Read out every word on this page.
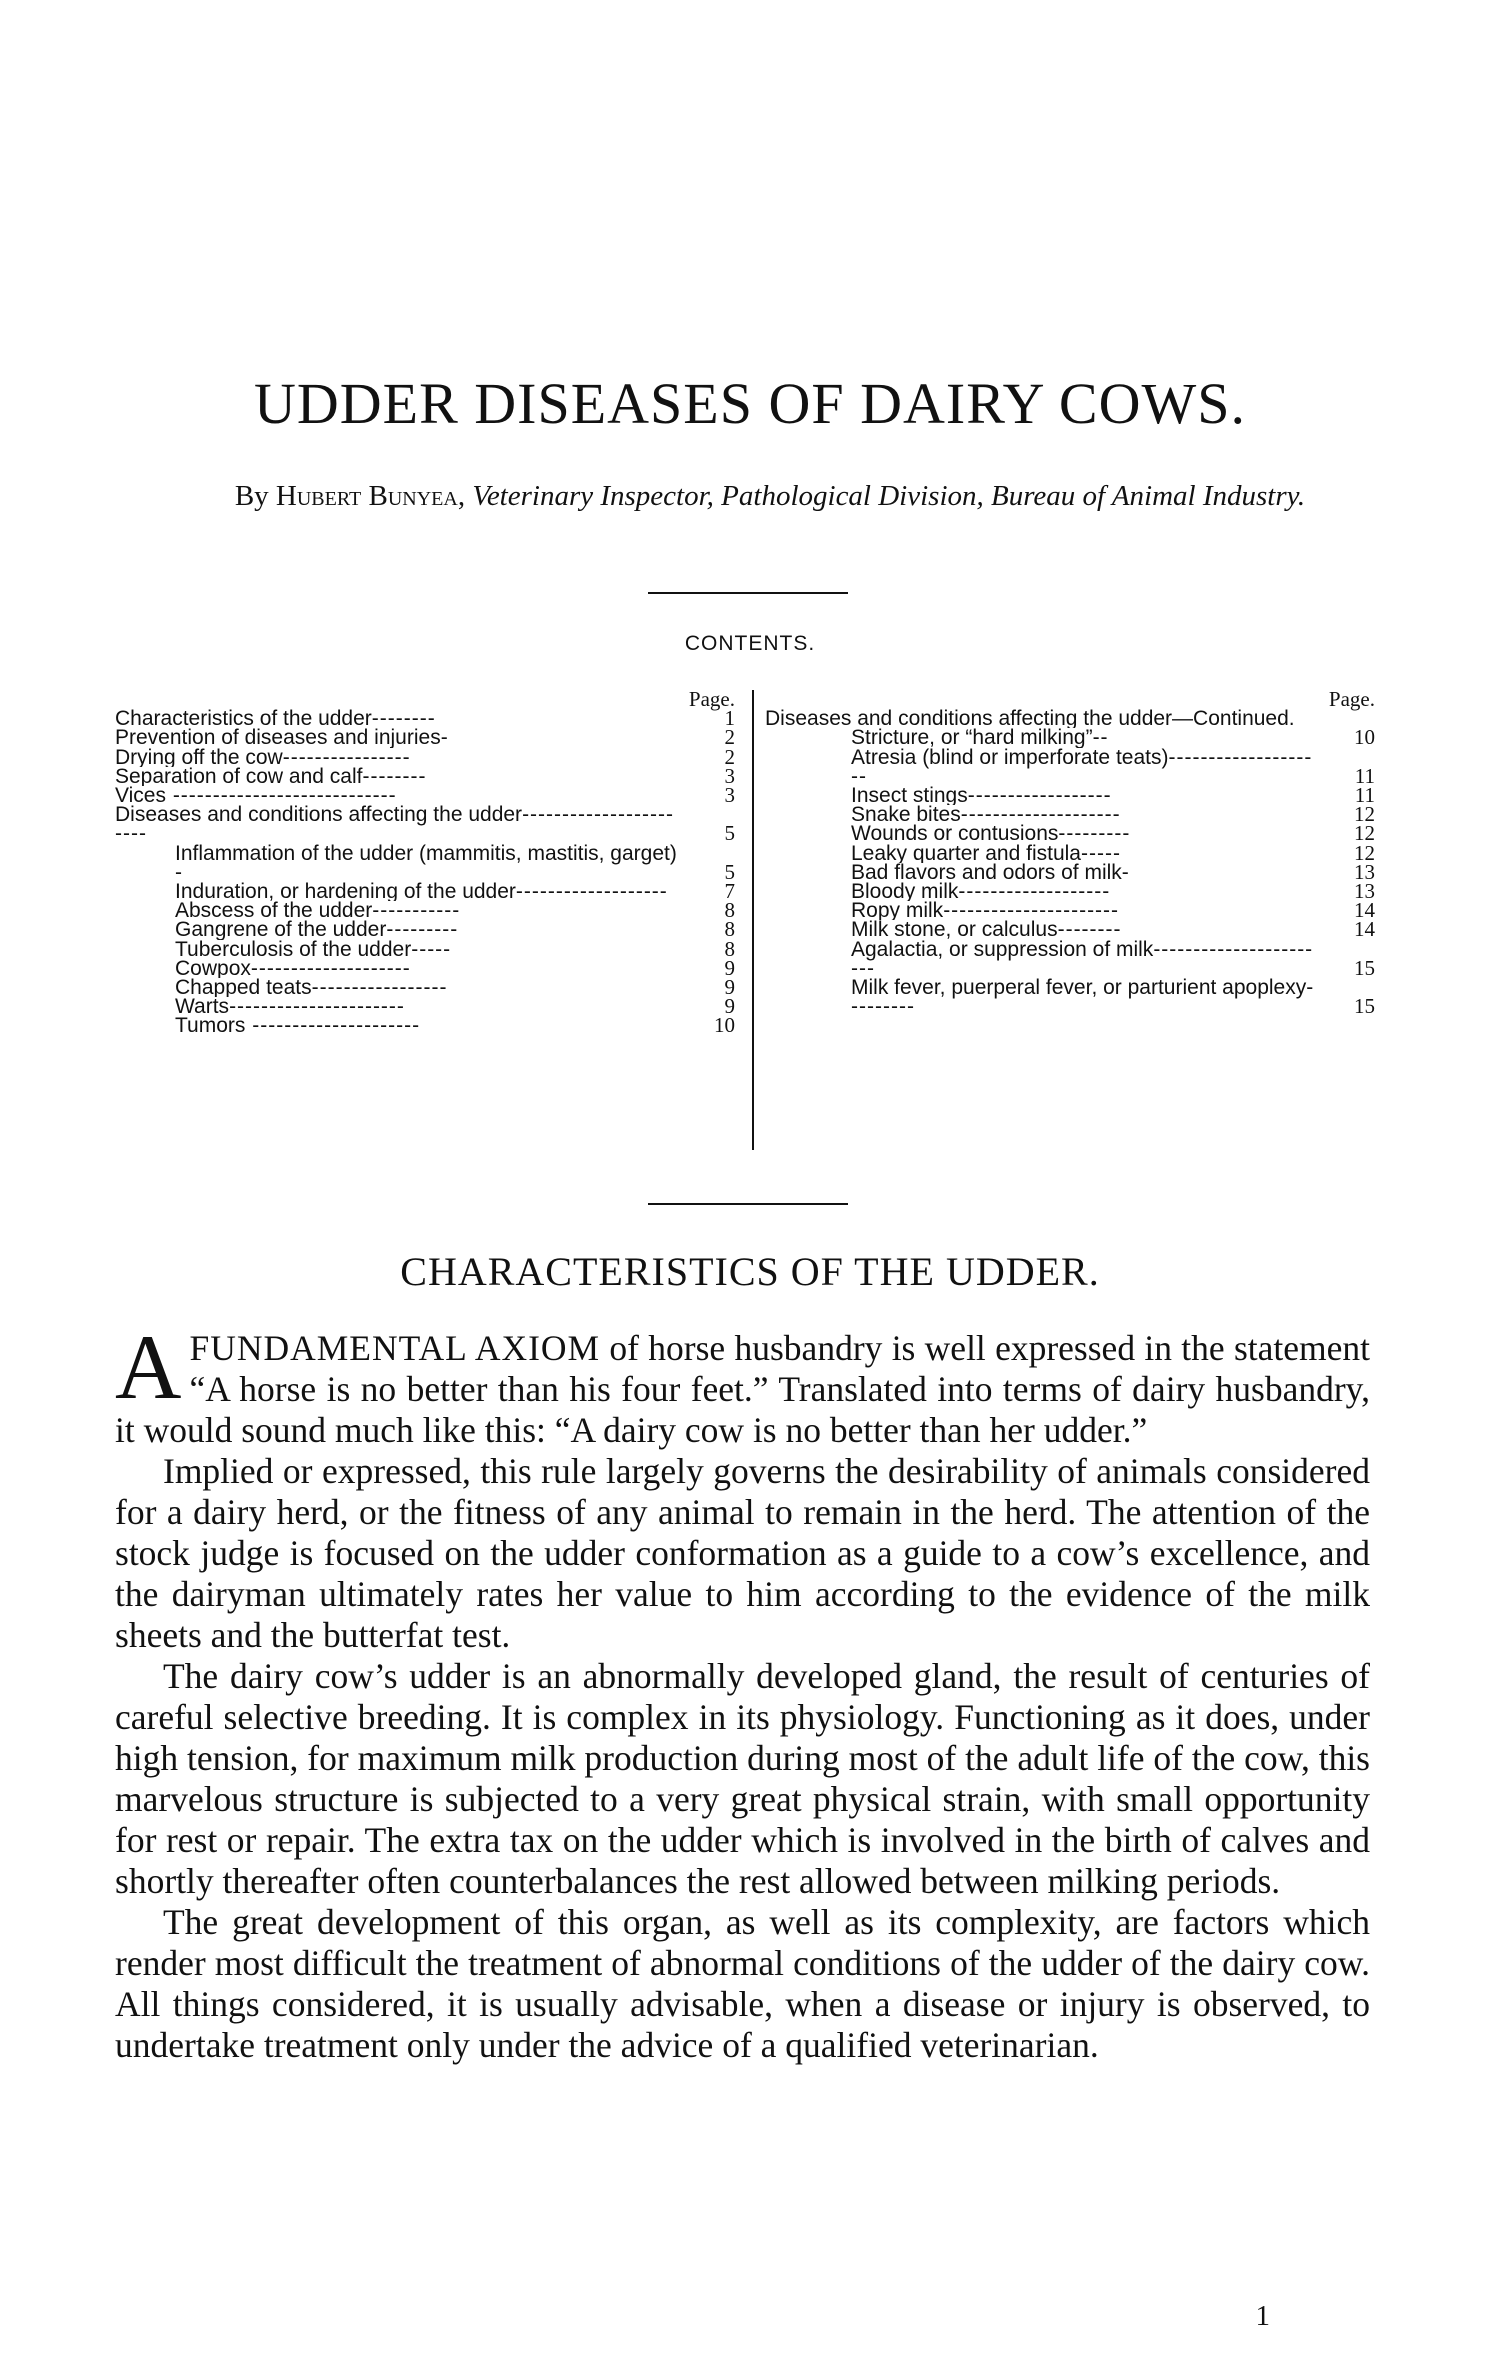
UDDER DISEASES OF DAIRY COWS.
By Hubert Bunyea, Veterinary Inspector, Pathological Division, Bureau of Animal Industry.
CONTENTS.
Page.
Characteristics of the udder--------	1
Prevention of diseases and injuries-	2
Drying off the cow----------------	2
Separation of cow and calf--------	3
Vices ----------------------------	3
Diseases and conditions affecting the udder-----------------------	5
Inflammation of the udder (mammitis, mastitis, garget) -	5
Induration, or hardening of the udder-------------------	7
Abscess of the udder-----------	8
Gangrene of the udder---------	8
Tuberculosis of the udder-----	8
Cowpox--------------------	9
Chapped teats-----------------	9
Warts----------------------	9
Tumors ---------------------	10
Page.
Diseases and conditions affecting the udder—Continued.
Stricture, or “hard milking”--	10
Atresia (blind or imperforate teats)--------------------	11
Insect stings------------------	11
Snake bites--------------------	12
Wounds or contusions---------	12
Leaky quarter and fistula-----	12
Bad flavors and odors of milk-	13
Bloody milk-------------------	13
Ropy milk----------------------	14
Milk stone, or calculus--------	14
Agalactia, or suppression of milk-----------------------	15
Milk fever, puerperal fever, or parturient apoplexy---------	15
CHARACTERISTICS OF THE UDDER.

AFUNDAMENTAL AXIOM of horse husbandry is well expressed in the statement “A horse is no better than his four feet.” Translated into terms of dairy husbandry, it would sound much like this: “A dairy cow is no better than her udder.”

Implied or expressed, this rule largely governs the desirability of animals considered for a dairy herd, or the fitness of any animal to remain in the herd. The attention of the stock judge is focused on the udder conformation as a guide to a cow’s excellence, and the dairyman ultimately rates her value to him according to the evidence of the milk sheets and the butterfat test.

The dairy cow’s udder is an abnormally developed gland, the result of centuries of careful selective breeding. It is complex in its physiology. Functioning as it does, under high tension, for maximum milk production during most of the adult life of the cow, this marvelous structure is subjected to a very great physical strain, with small opportunity for rest or repair. The extra tax on the udder which is involved in the birth of calves and shortly thereafter often counterbalances the rest allowed between milking periods.

The great development of this organ, as well as its complexity, are factors which render most difficult the treatment of abnormal conditions of the udder of the dairy cow. All things considered, it is usually advisable, when a disease or injury is observed, to undertake treatment only under the advice of a qualified veterinarian.

1
